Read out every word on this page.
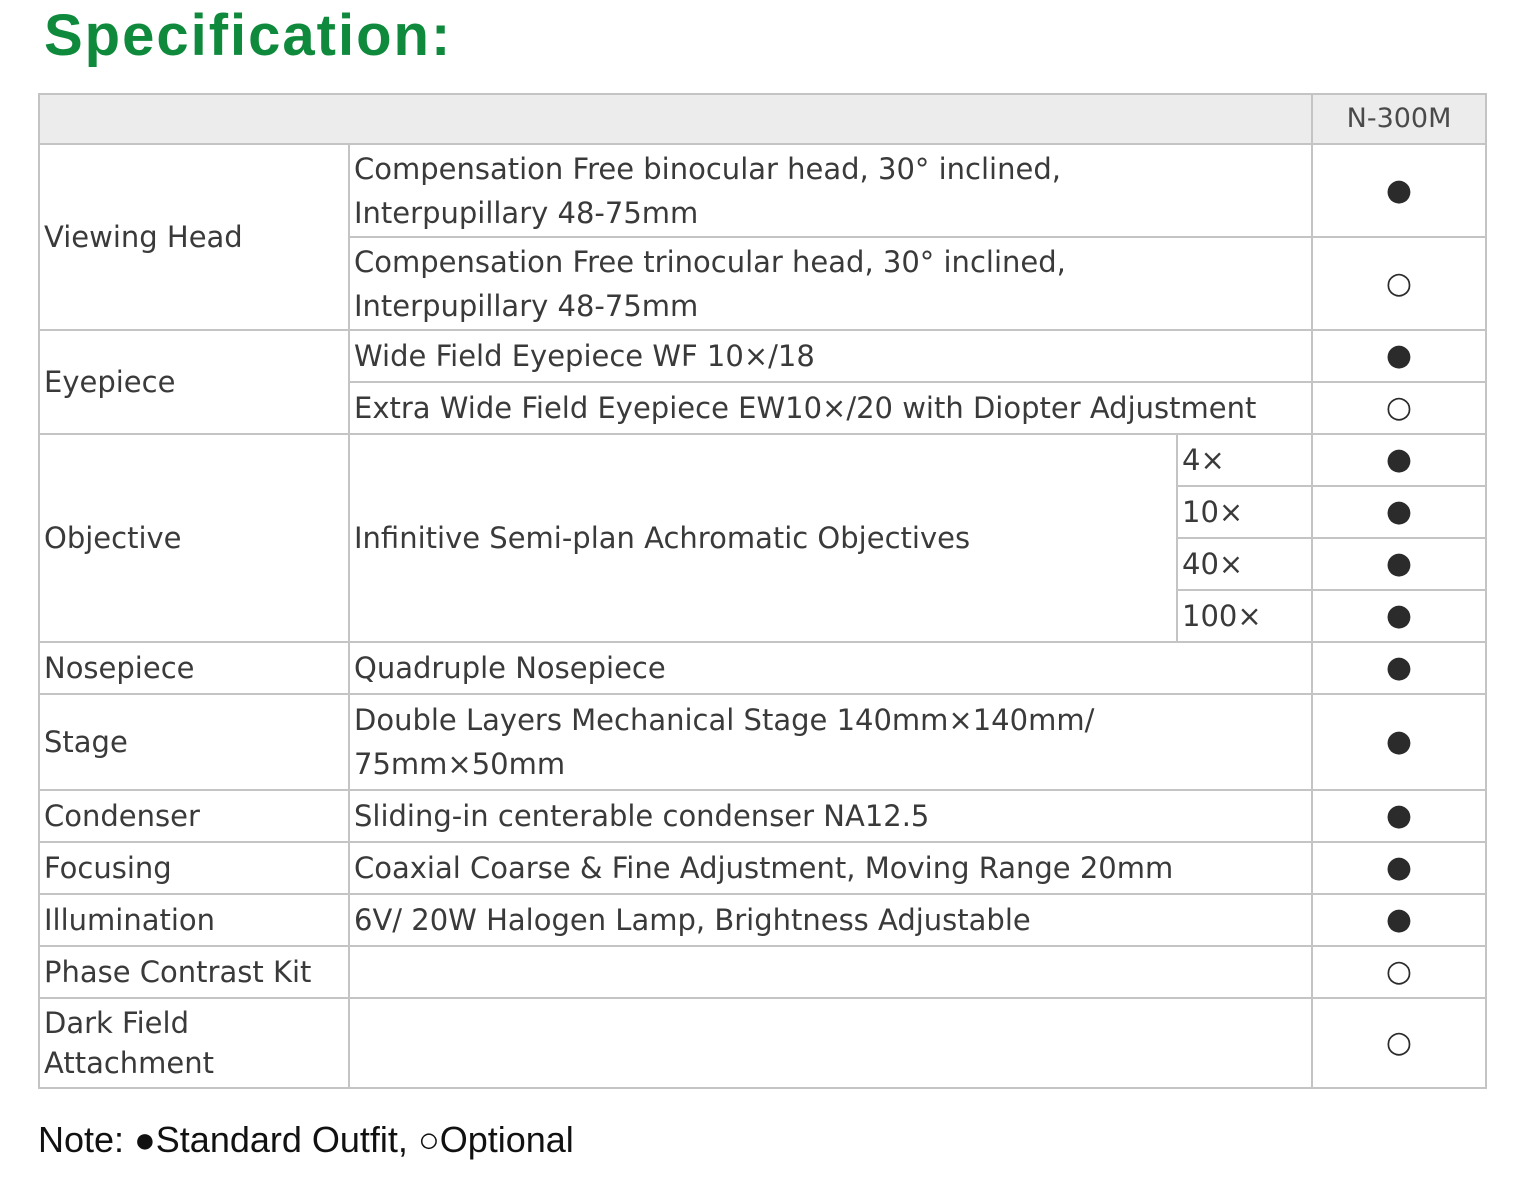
Specification:
			N-300M
Viewing Head	Compensation Free binocular head, 30° inclined,
Interpupillary 48-75mm		●
	Compensation Free trinocular head, 30° inclined,
Interpupillary 48-75mm		○
Eyepiece	Wide Field Eyepiece WF 10×/18		●
	Extra Wide Field Eyepiece EW10×/20 with Diopter Adjustment		○
Objective	Infinitive Semi-plan Achromatic Objectives	4×	●
		10×	●
		40×	●
		100×	●
Nosepiece	Quadruple Nosepiece		●
Stage	Double Layers Mechanical Stage 140mm×140mm/
75mm×50mm		●
Condenser	Sliding-in centerable condenser NA12.5		●
Focusing	Coaxial Coarse & Fine Adjustment, Moving Range 20mm		●
Illumination	6V/ 20W Halogen Lamp, Brightness Adjustable		●
Phase Contrast Kit			○
Dark Field
Attachment			○

Note: ●Standard Outfit, ○Optional
